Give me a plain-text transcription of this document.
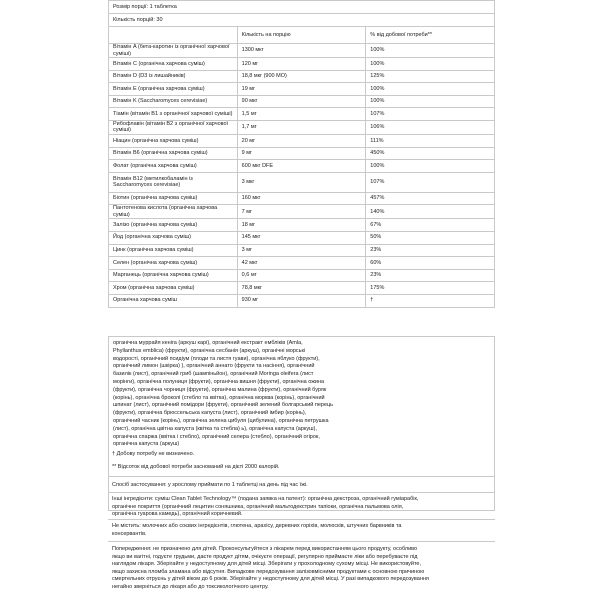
Розмір порції: 1 таблетка		
Кількість порцій: 30		
	Кількість на порцію	% від добової потреби**
Вітамін A (бета-каротин із органічної харчової суміші)	1300 мкг	100%
Вітамін C (органічна харчова суміш)	120 мг	100%
Вітамін D (D3 із лишайників)	18,8 мкг (900 МО)	125%
Вітамін E (органічна харчова суміш)	19 мг	100%
Вітамін K (Saccharomyces cerevisiae)	90 мкг	100%
Тіамін (вітамін B1 з органічної харчової суміші)	1,5 мг	107%
Рибофлавін (вітамін B2 з органічної харчової суміші)	1,7 мг	106%
Ніацин (органічна харчова суміш)	20 мг	111%
Вітамін B6 (органічна харчова суміш)	9 мг	450%
Фолат (органічна харчова суміш)	600 мкг DFE	100%
Вітамін B12 (метилкобаламін із Saccharomyces cerevisiae)	3 мкг	107%
Біотин (органічна харчова суміш)	160 мкг	457%
Пантотенова кислота (органічна харчова суміш)	7 мг	140%
Залізо (органічна харчова суміш)	18 мг	67%
Йод (органічна харчова суміш)	145 мкг	50%
Цинк (органічна харчова суміш)	3 мг	23%
Селен (органічна харчова суміш)	42 мкг	60%
Марганець (органічна харчова суміш)	0,6 мг	23%
Хром (органічна харчова суміш)	78,8 мкг	175%
Органічна харчова суміш	930 мг	†
органічна муррайя кеніга (аркуш карі), органічний екстракт емблікiв (Amla,
Phyllanthus emblica) (фрукти), органічна сесбанія (аркуш), органічні морські
водорості, органічний псидіум (плоди та листя гуави), органічна яблуко (фрукти),
органічний лимон (шкірка) ), органічний аннато (фрукти та насіння), органічний
базилік (лист), органічний гриб (шампіньйон), органічний Moringa oleifera (лист
морінги), органічна полуниця (фрукти), органічна вишня (фрукти), органічна ожина
(фрукти), органічна чорниця (фрукти), органічна малина (фрукти), органічний буряк
(корінь), органічна броколі (стебло та квітка), органічна морква (корінь), органічний
шпинат (лист), органічний помідори (фрукти), органічний зелений болгарський перець
(фрукти), органічна брюссельська капуста (лист), органічний імбир (корінь),
органічний часник (корінь), органічна зелена цибуля (цибулина), органічна петрушка
(лист), органічна цвітна капуста (квітка та стебла) ь), органічна капуста (аркуш),
органічна спаржа (квітка і стебло), органічний селера (стебло), органічний огірок,
органічна капуста (аркуш)
† Добову потребу не визначено.
** Відсоток від добової потреби заснований на дієті 2000 калорій.
Спосіб застосування: у зрослому приймати по 1 таблетці на день під час їжі.
Інші інгредієнти: суміш Clean Tablet Technology™ (подана заявка на патент): органічна декстроза, органічний гуміарабік,
органічне покриття (органічний лецитин соняшника, органічний мальтодекстрин тапіоки, органічна пальмова олія,
органічна гуарова камедь), органічний коричневий.
Не містить: молочних або соєвих інгредієнтів, глютена, арахісу, деревних горіхів, молюсків, штучних барвників та
консервантів.
Попередження: не призначено для дітей. Проконсультуйтеся з лікарем перед використанням цього продукту, особливо
якщо ви вагітні, годуєте грудьми, даєте продукт дітям, очікуєте операції, регулярно приймаєте ліки або перебуваєте під
наглядом лікаря. Зберігайте у недоступному для дітей місці. Зберігати у прохолодному сухому місці. Не використовуйте,
якщо захисна пломба зламана або відсутня. Випадкове передозування залізовмісними продуктами є основною причиною
смертельних отруєнь у дітей віком до 6 років. Зберігайте у недоступному для дітей місці. У разі випадкового передозування
негайно зверніться до лікаря або до токсикологічного центру.
